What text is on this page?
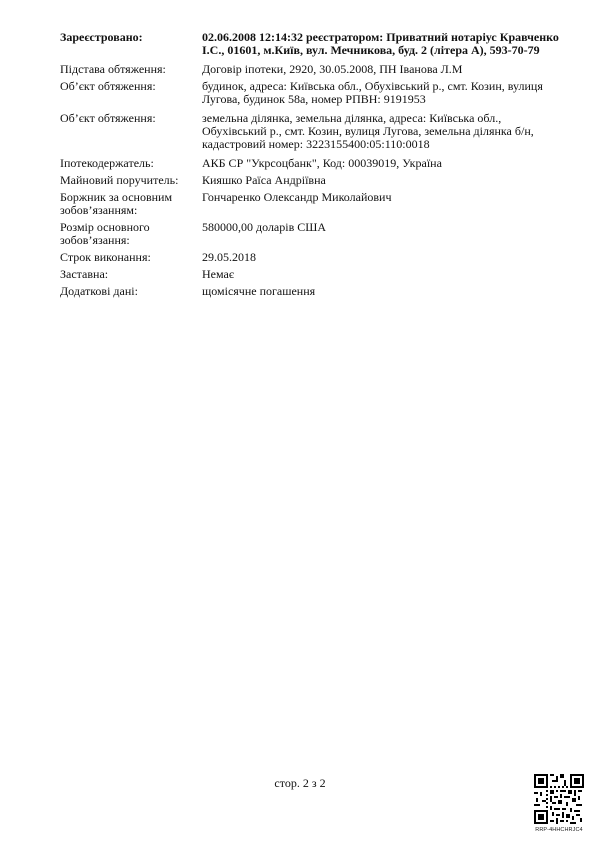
Зареєстровано:	02.06.2008 12:14:32 реєстратором: Приватний нотаріус Кравченко
І.С., 01601, м.Київ, вул. Мечникова, буд. 2 (літера А), 593-70-79
Підстава обтяження:	Договір іпотеки, 2920, 30.05.2008, ПН Іванова Л.М
Об’єкт обтяження:	будинок, адреса: Київська обл., Обухівський р., смт. Козин, вулиця
Лугова, будинок 58а, номер РПВН: 9191953
Об’єкт обтяження:	земельна ділянка, земельна ділянка, адреса: Київська обл.,
Обухівський р., смт. Козин, вулиця Лугова, земельна ділянка б/н,
кадастровий номер: 3223155400:05:110:0018
Іпотекодержатель:	АКБ СР "Укрсоцбанк", Код: 00039019, Україна
Майновий поручитель:	Кияшко Раїса Андріївна
Боржник за основним
зобов’язанням:
Гончаренко Олександр Миколайович
Розмір основного
зобов’язання:
580000,00 доларів США
Строк виконання:	29.05.2018
Заставна:	Немає
Додаткові дані:	щомісячне погашення
стор. 2 з 2
RRP-4HHCHRJC4
